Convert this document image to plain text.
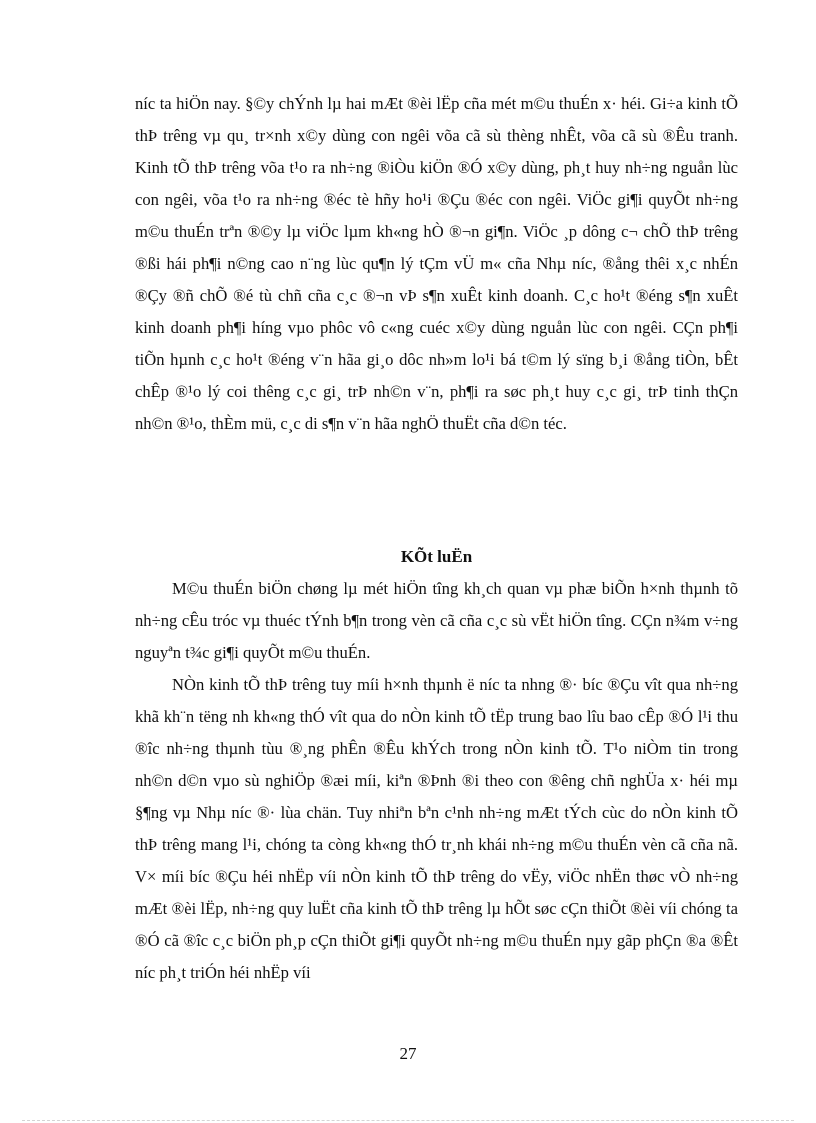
níc ta hiÖn nay. §©y chÝnh lµ hai mÆt ®èi lËp cña mét m©u thuÉn x· héi. Gi÷a kinh tÕ thÞ trêng vµ qu¸ tr×nh x©y dùng con ngêi võa cã sù thèng nhÊt, võa cã sù ®Êu tranh. Kinh tÕ thÞ trêng võa t¹o ra nh÷ng ®iÒu kiÖn ®Ó x©y dùng, ph¸t huy nh÷ng nguån lùc con ngêi, võa t¹o ra nh÷ng ®éc tè hñy ho¹i ®Çu ®éc con ngêi. ViÖc gi¶i quyÕt nh÷ng m©u thuÉn trªn ®©y lµ viÖc lµm kh«ng hÒ ®¬n gi¶n. ViÖc ¸p dông c¬ chÕ thÞ trêng ®ßi hái ph¶i n©ng cao n¨ng lùc qu¶n lý tÇm vÜ m« cña Nhµ níc, ®ång thêi x¸c nhÉn ®Çy ®ñ chÕ ®é tù chñ cña c¸c ®¬n vÞ s¶n xuÊt kinh doanh. C¸c ho¹t ®éng s¶n xuÊt kinh doanh ph¶i híng vµo phôc vô c«ng cuéc x©y dùng nguån lùc con ngêi. CÇn ph¶i tiÕn hµnh c¸c ho¹t ®éng v¨n hãa gi¸o dôc nh»m lo¹i bá t©m lý sïng b¸i ®ång tiÒn, bÊt chÊp ®¹o lý coi thêng c¸c gi¸ trÞ nh©n v¨n, ph¶i ra søc ph¸t huy c¸c gi¸ trÞ tinh thÇn nh©n ®¹o, thÈm mü, c¸c di s¶n v¨n hãa nghÖ thuËt cña d©n téc.

KÕt luËn

M©u thuÉn biÖn chøng lµ mét hiÖn tîng kh¸ch quan vµ phæ biÕn h×nh thµnh tõ nh÷ng cÊu tróc vµ thuéc tÝnh b¶n trong vèn cã cña c¸c sù vËt hiÖn tîng. CÇn n¾m v÷ng nguyªn t¾c gi¶i quyÕt m©u thuÉn.

NÒn kinh tÕ thÞ trêng tuy míi h×nh thµnh ë níc ta nhng ®· bíc ®Çu vît qua nh÷ng khã kh¨n tëng nh kh«ng thÓ vît qua do nÒn kinh tÕ tËp trung bao lîu bao cÊp ®Ó l¹i thu ®îc nh÷ng thµnh tùu ®¸ng phÊn ®Êu khÝch trong nÒn kinh tÕ. T¹o niÒm tin trong nh©n d©n vµo sù nghiÖp ®æi míi, kiªn ®Þnh ®i theo con ®êng chñ nghÜa x· héi mµ §¶ng vµ Nhµ níc ®· lùa chän. Tuy nhiªn bªn c¹nh nh÷ng mÆt tÝch cùc do nÒn kinh tÕ thÞ trêng mang l¹i, chóng ta còng kh«ng thÓ tr¸nh khái nh÷ng m©u thuÉn vèn cã cña nã. V× míi bíc ®Çu héi nhËp víi nÒn kinh tÕ thÞ trêng do vËy, viÖc nhËn thøc vÒ nh÷ng mÆt ®èi lËp, nh÷ng quy luËt cña kinh tÕ thÞ trêng lµ hÕt søc cÇn thiÕt ®èi víi chóng ta ®Ó cã ®îc c¸c biÖn ph¸p cÇn thiÕt gi¶i quyÕt nh÷ng m©u thuÉn nµy gãp phÇn ®a ®Êt níc ph¸t triÓn héi nhËp víi

27
